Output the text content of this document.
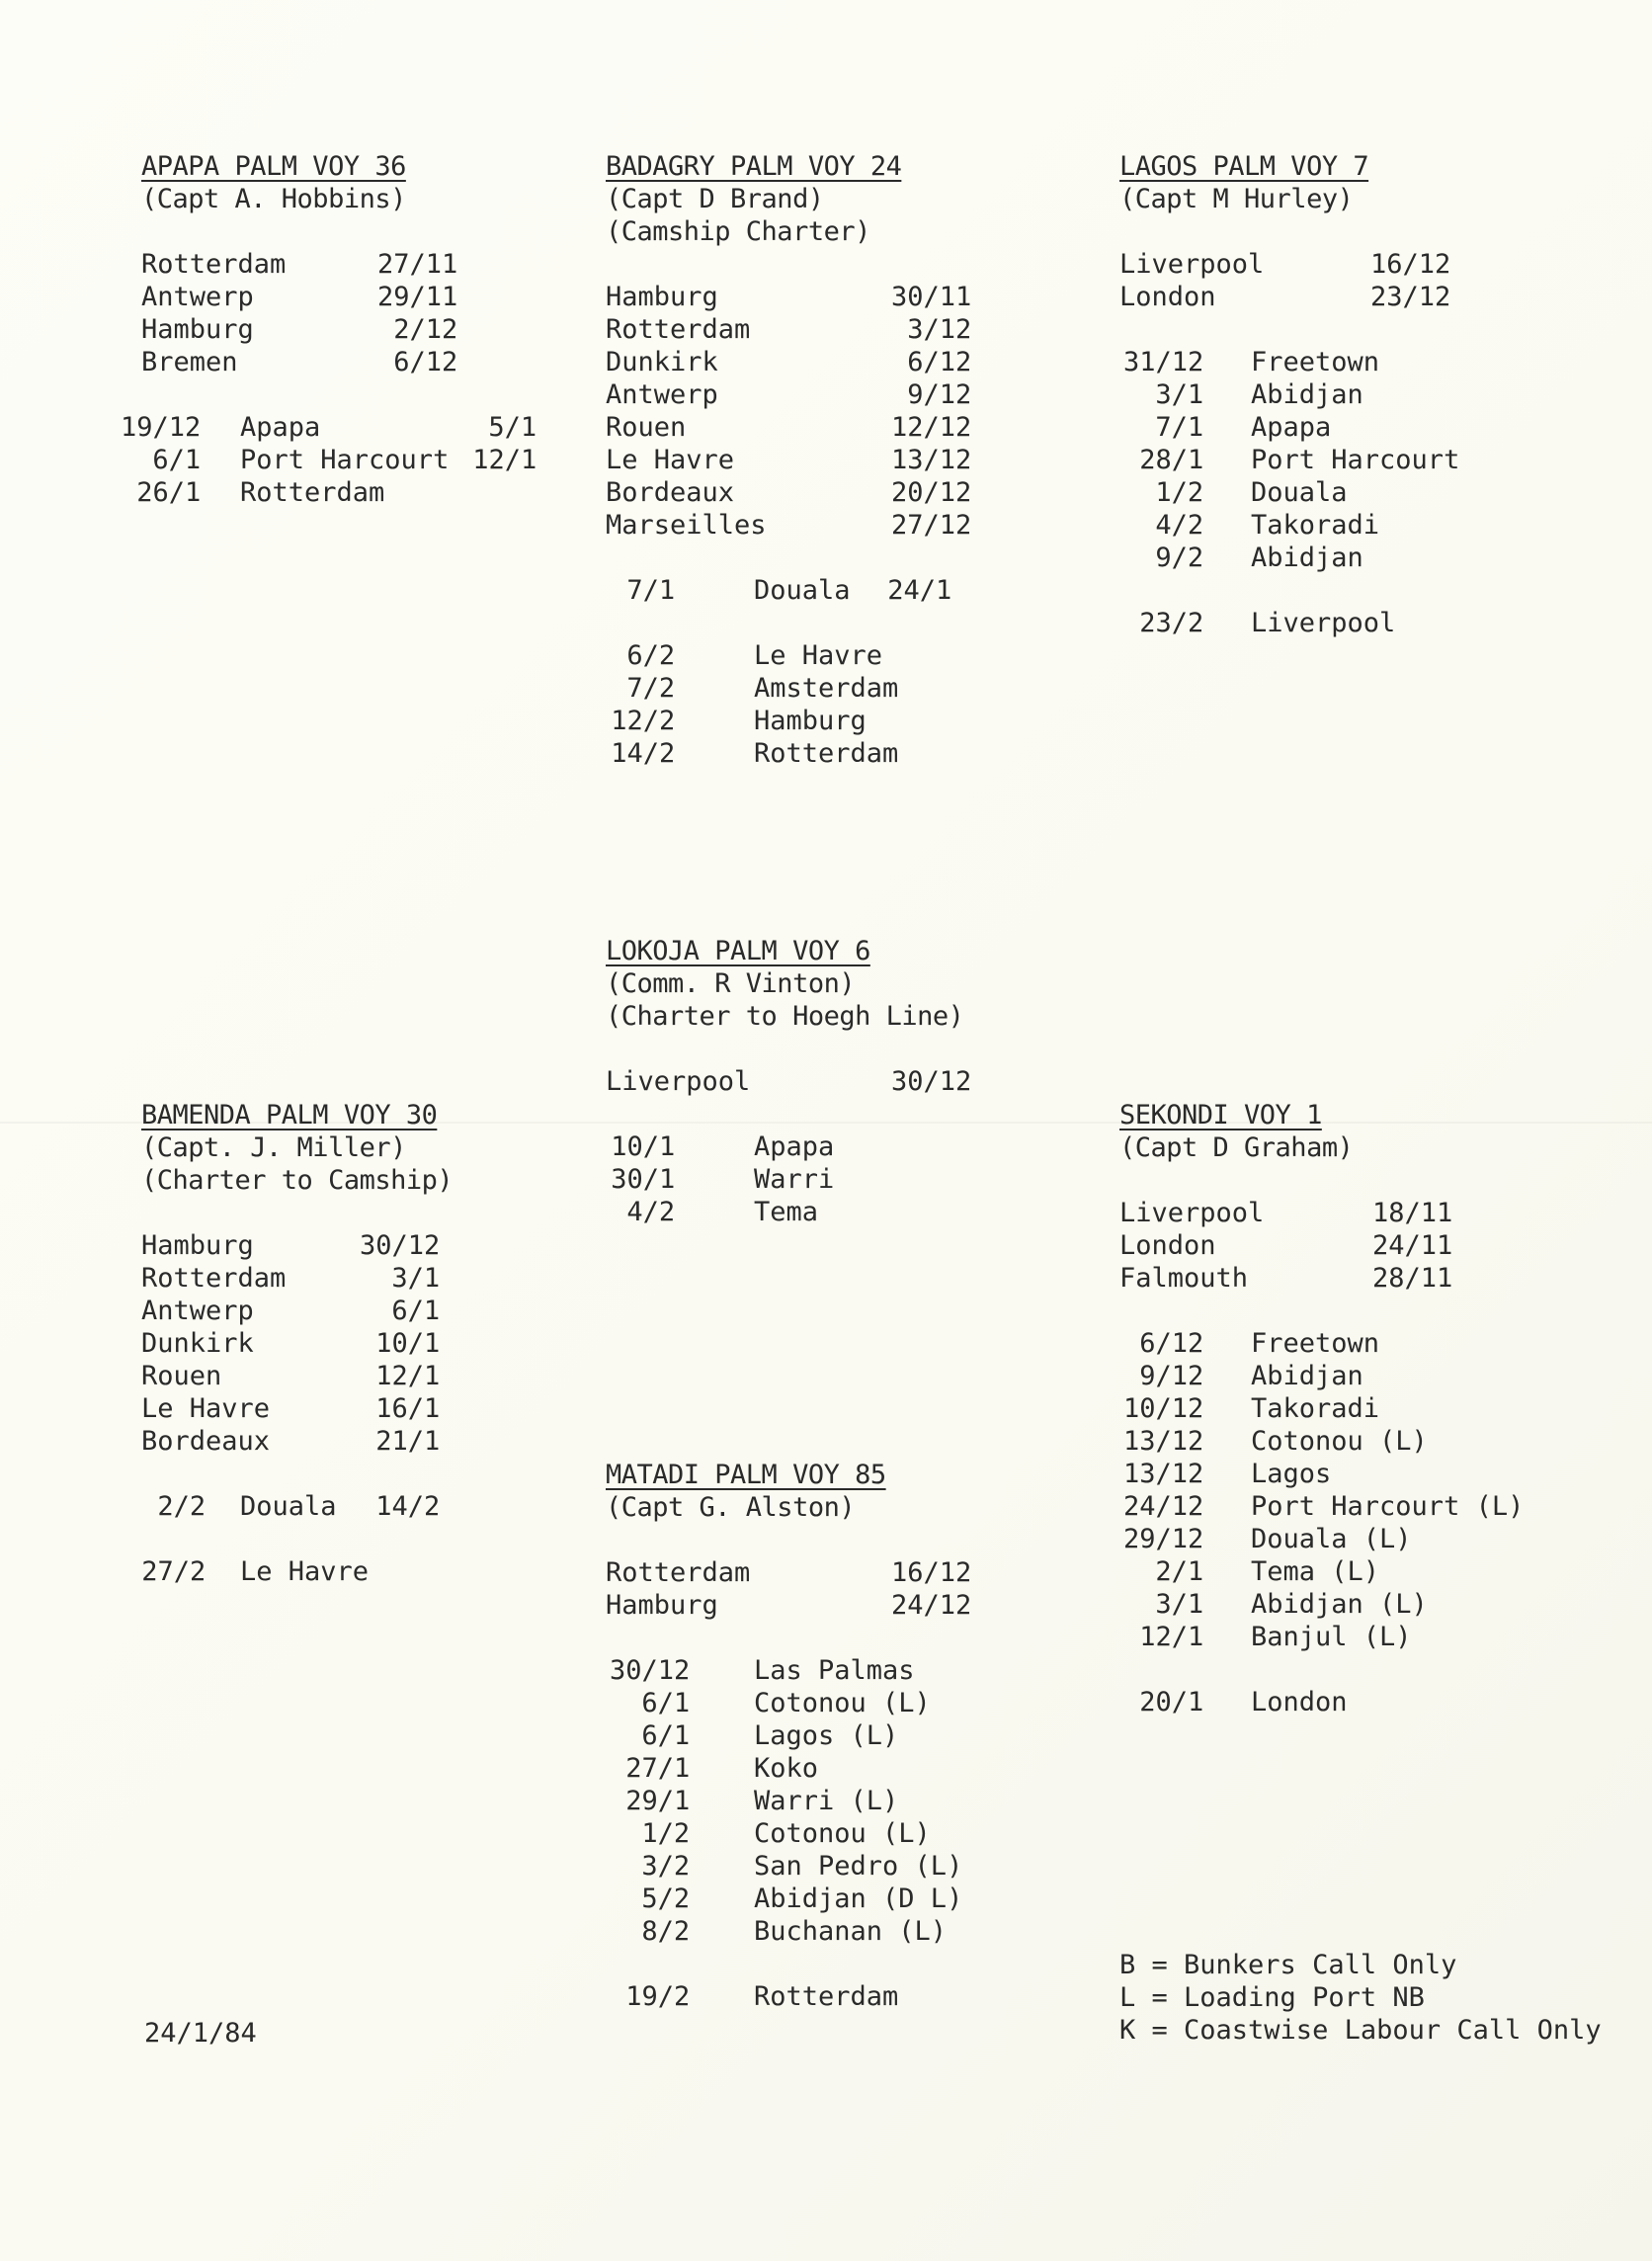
APAPA PALM VOY 36
(Capt A. Hobbins)
Rotterdam	27/11
Antwerp	29/11
Hamburg	2/12
Bremen	6/12
19/12 Apapa	5/1
6/1 Port Harcourt 12/1
26/1 Rotterdam
BADAGRY PALM VOY 24
(Capt D Brand)
(Camship Charter)
Hamburg	30/11
Rotterdam	3/12
Dunkirk	6/12
Antwerp	9/12
Rouen	12/12
Le Havre	13/12
Bordeaux	20/12
Marseilles	27/12
7/1	Douala 24/1
6/2	Le Havre
7/2	Amsterdam
12/2	Hamburg
14/2	Rotterdam
LAGOS PALM VOY 7
(Capt M Hurley)
Liverpool	16/12
London	23/12
31/12 Freetown
3/1 Abidjan
7/1 Apapa
28/1 Port Harcourt
1/2 Douala
4/2 Takoradi
9/2 Abidjan
23/2 Liverpool
LOKOJA PALM VOY 6
(Comm. R Vinton)
(Charter to Hoegh Line)
Liverpool	30/12
10/1	Apapa
30/1	Warri
4/2	Tema
BAMENDA PALM VOY 30
(Capt. J. Miller)
(Charter to Camship)
Hamburg	30/12
Rotterdam	3/1
Antwerp	6/1
Dunkirk	10/1
Rouen	12/1
Le Havre	16/1
Bordeaux	21/1
2/2 Douala 14/2
27/2 Le Havre
SEKONDI VOY 1
(Capt D Graham)
Liverpool	18/11
London	24/11
Falmouth	28/11
6/12 Freetown
9/12 Abidjan
10/12 Takoradi
13/12 Cotonou (L)
13/12 Lagos
24/12 Port Harcourt (L)
29/12 Douala (L)
2/1 Tema (L)
3/1 Abidjan (L)
12/1 Banjul (L)
20/1 London
MATADI PALM VOY 85
(Capt G. Alston)
Rotterdam	16/12
Hamburg	24/12
30/12 Las Palmas
6/1 Cotonou (L)
6/1 Lagos (L)
27/1 Koko
29/1 Warri (L)
1/2 Cotonou (L)
3/2 San Pedro (L)
5/2 Abidjan (D L)
8/2 Buchanan (L)
19/2 Rotterdam
B = Bunkers Call Only
L = Loading Port NB
K = Coastwise Labour Call Only
24/1/84
